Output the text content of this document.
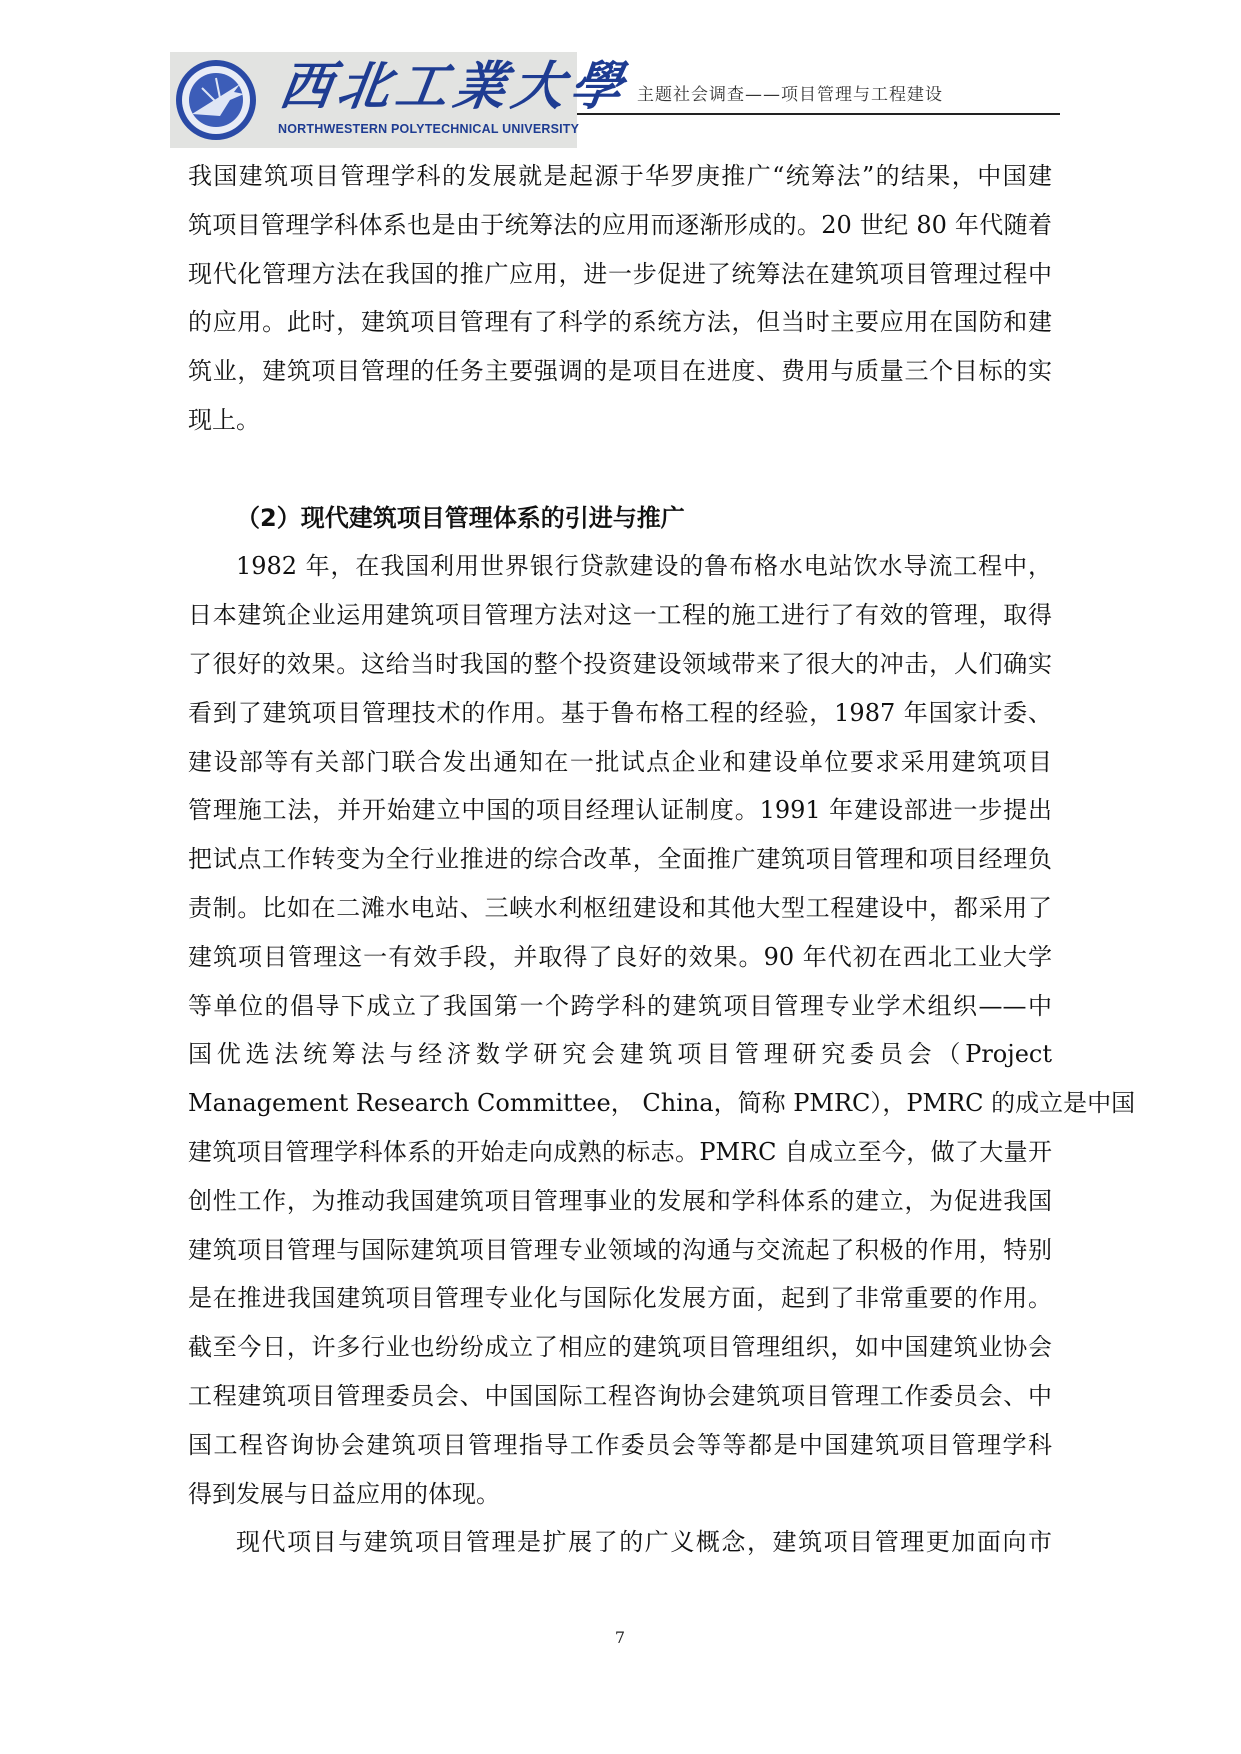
西北工業大學
NORTHWESTERN POLYTECHNICAL UNIVERSITY
主题社会调查——项目管理与工程建设
我国建筑项目管理学科的发展就是起源于华罗庚推广“统筹法”的结果，中国建
筑项目管理学科体系也是由于统筹法的应用而逐渐形成的。20 世纪 80 年代随着
现代化管理方法在我国的推广应用，进一步促进了统筹法在建筑项目管理过程中
的应用。此时，建筑项目管理有了科学的系统方法，但当时主要应用在国防和建
筑业，建筑项目管理的任务主要强调的是项目在进度、费用与质量三个目标的实
现上。
（2）现代建筑项目管理体系的引进与推广
1982 年，在我国利用世界银行贷款建设的鲁布格水电站饮水导流工程中，
日本建筑企业运用建筑项目管理方法对这一工程的施工进行了有效的管理，取得
了很好的效果。这给当时我国的整个投资建设领域带来了很大的冲击，人们确实
看到了建筑项目管理技术的作用。基于鲁布格工程的经验，1987 年国家计委、
建设部等有关部门联合发出通知在一批试点企业和建设单位要求采用建筑项目
管理施工法，并开始建立中国的项目经理认证制度。1991 年建设部进一步提出
把试点工作转变为全行业推进的综合改革，全面推广建筑项目管理和项目经理负
责制。比如在二滩水电站、三峡水利枢纽建设和其他大型工程建设中，都采用了
建筑项目管理这一有效手段，并取得了良好的效果。90 年代初在西北工业大学
等单位的倡导下成立了我国第一个跨学科的建筑项目管理专业学术组织——中
国优选法统筹法与经济数学研究会建筑项目管理研究委员会（Project
Management Research Committee， China，简称 PMRC），PMRC 的成立是中国
建筑项目管理学科体系的开始走向成熟的标志。PMRC 自成立至今，做了大量开
创性工作，为推动我国建筑项目管理事业的发展和学科体系的建立，为促进我国
建筑项目管理与国际建筑项目管理专业领域的沟通与交流起了积极的作用，特别
是在推进我国建筑项目管理专业化与国际化发展方面，起到了非常重要的作用。
截至今日，许多行业也纷纷成立了相应的建筑项目管理组织，如中国建筑业协会
工程建筑项目管理委员会、中国国际工程咨询协会建筑项目管理工作委员会、中
国工程咨询协会建筑项目管理指导工作委员会等等都是中国建筑项目管理学科
得到发展与日益应用的体现。
现代项目与建筑项目管理是扩展了的广义概念，建筑项目管理更加面向市
7
